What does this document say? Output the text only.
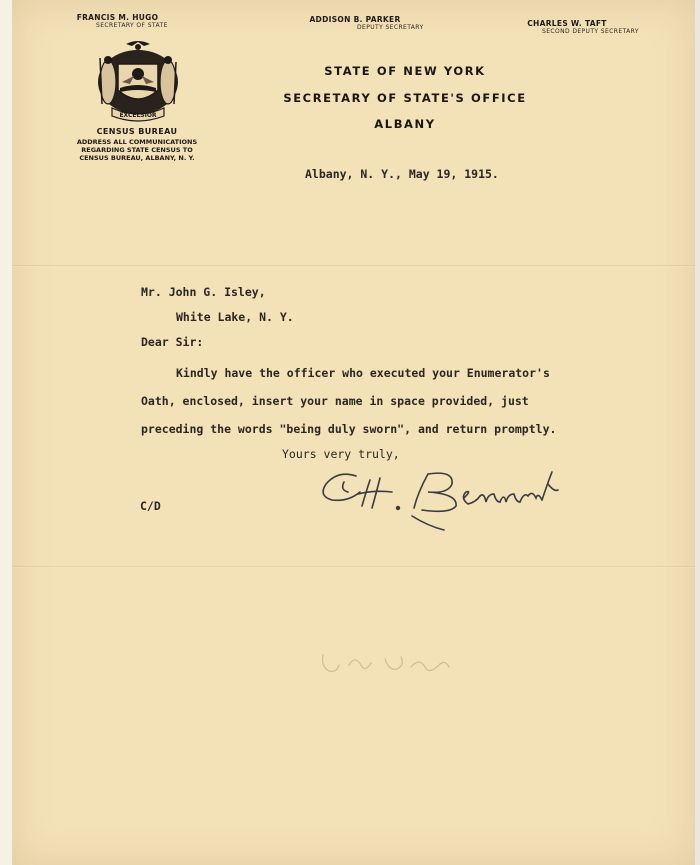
FRANCIS M. HUGO
SECRETARY OF STATE
ADDISON B. PARKER
DEPUTY SECRETARY	CHARLES W. TAFT
SECOND DEPUTY SECRETARY
STATE OF NEW YORK
SECRETARY OF STATE'S OFFICE
ALBANY
EXCELSIOR
CENSUS BUREAU
ADDRESS ALL COMMUNICATIONS
REGARDING STATE CENSUS TO
CENSUS BUREAU, ALBANY, N. Y.
Albany, N. Y., May 19, 1915.
Mr. John G. Isley,
White Lake, N. Y.
Dear Sir:
Kindly have the officer who executed your Enumerator's
Oath, enclosed, insert your name in space provided, just
preceding the words "being duly sworn", and return promptly.
Yours very truly,
C/D
